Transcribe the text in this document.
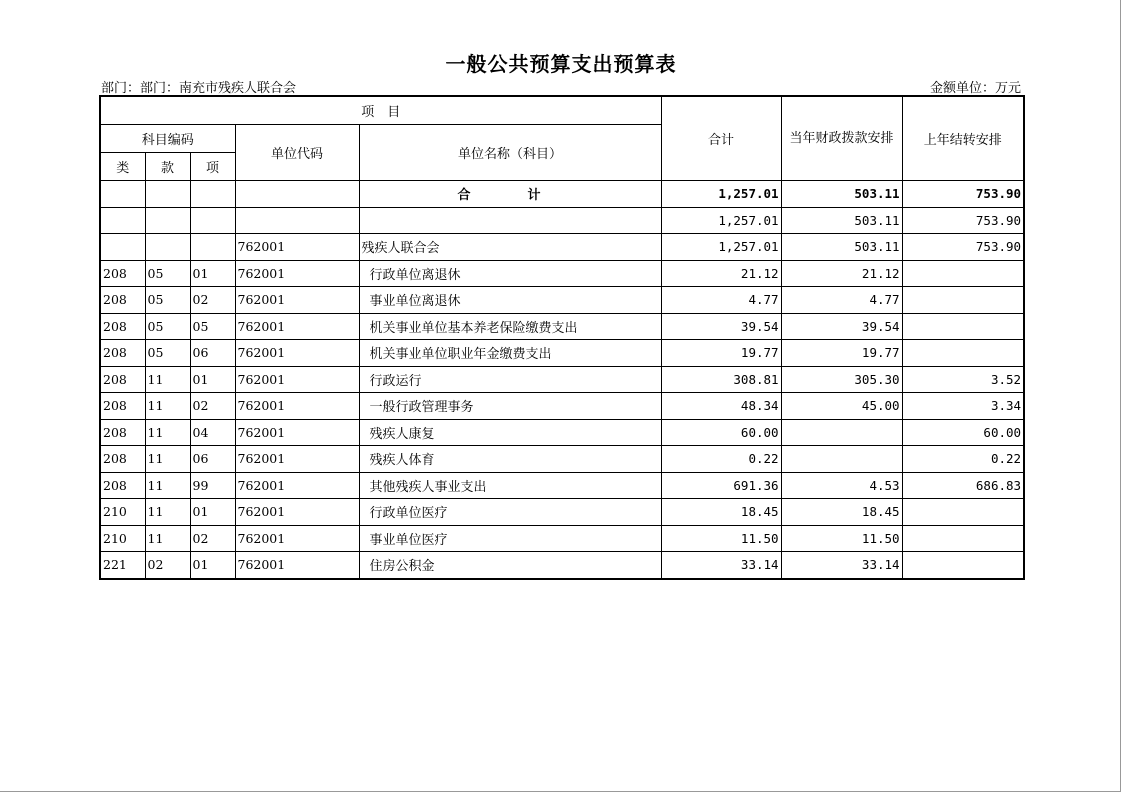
一般公共预算支出预算表
部门：部门：南充市残疾人联合会	金额单位：万元
项　目					合计	当年财政拨款安排	上年结转安排
科目编码			单位代码	单位名称（科目）			
类	款	项					
				合　计	1,257.01	503.11	753.90
					1,257.01	503.11	753.90
			762001	残疾人联合会	1,257.01	503.11	753.90
208	05	01	762001	行政单位离退休	21.12	21.12	
208	05	02	762001	事业单位离退休	4.77	4.77	
208	05	05	762001	机关事业单位基本养老保险缴费支出	39.54	39.54	
208	05	06	762001	机关事业单位职业年金缴费支出	19.77	19.77	
208	11	01	762001	行政运行	308.81	305.30	3.52
208	11	02	762001	一般行政管理事务	48.34	45.00	3.34
208	11	04	762001	残疾人康复	60.00		60.00
208	11	06	762001	残疾人体育	0.22		0.22
208	11	99	762001	其他残疾人事业支出	691.36	4.53	686.83
210	11	01	762001	行政单位医疗	18.45	18.45	
210	11	02	762001	事业单位医疗	11.50	11.50	
221	02	01	762001	住房公积金	33.14	33.14	
